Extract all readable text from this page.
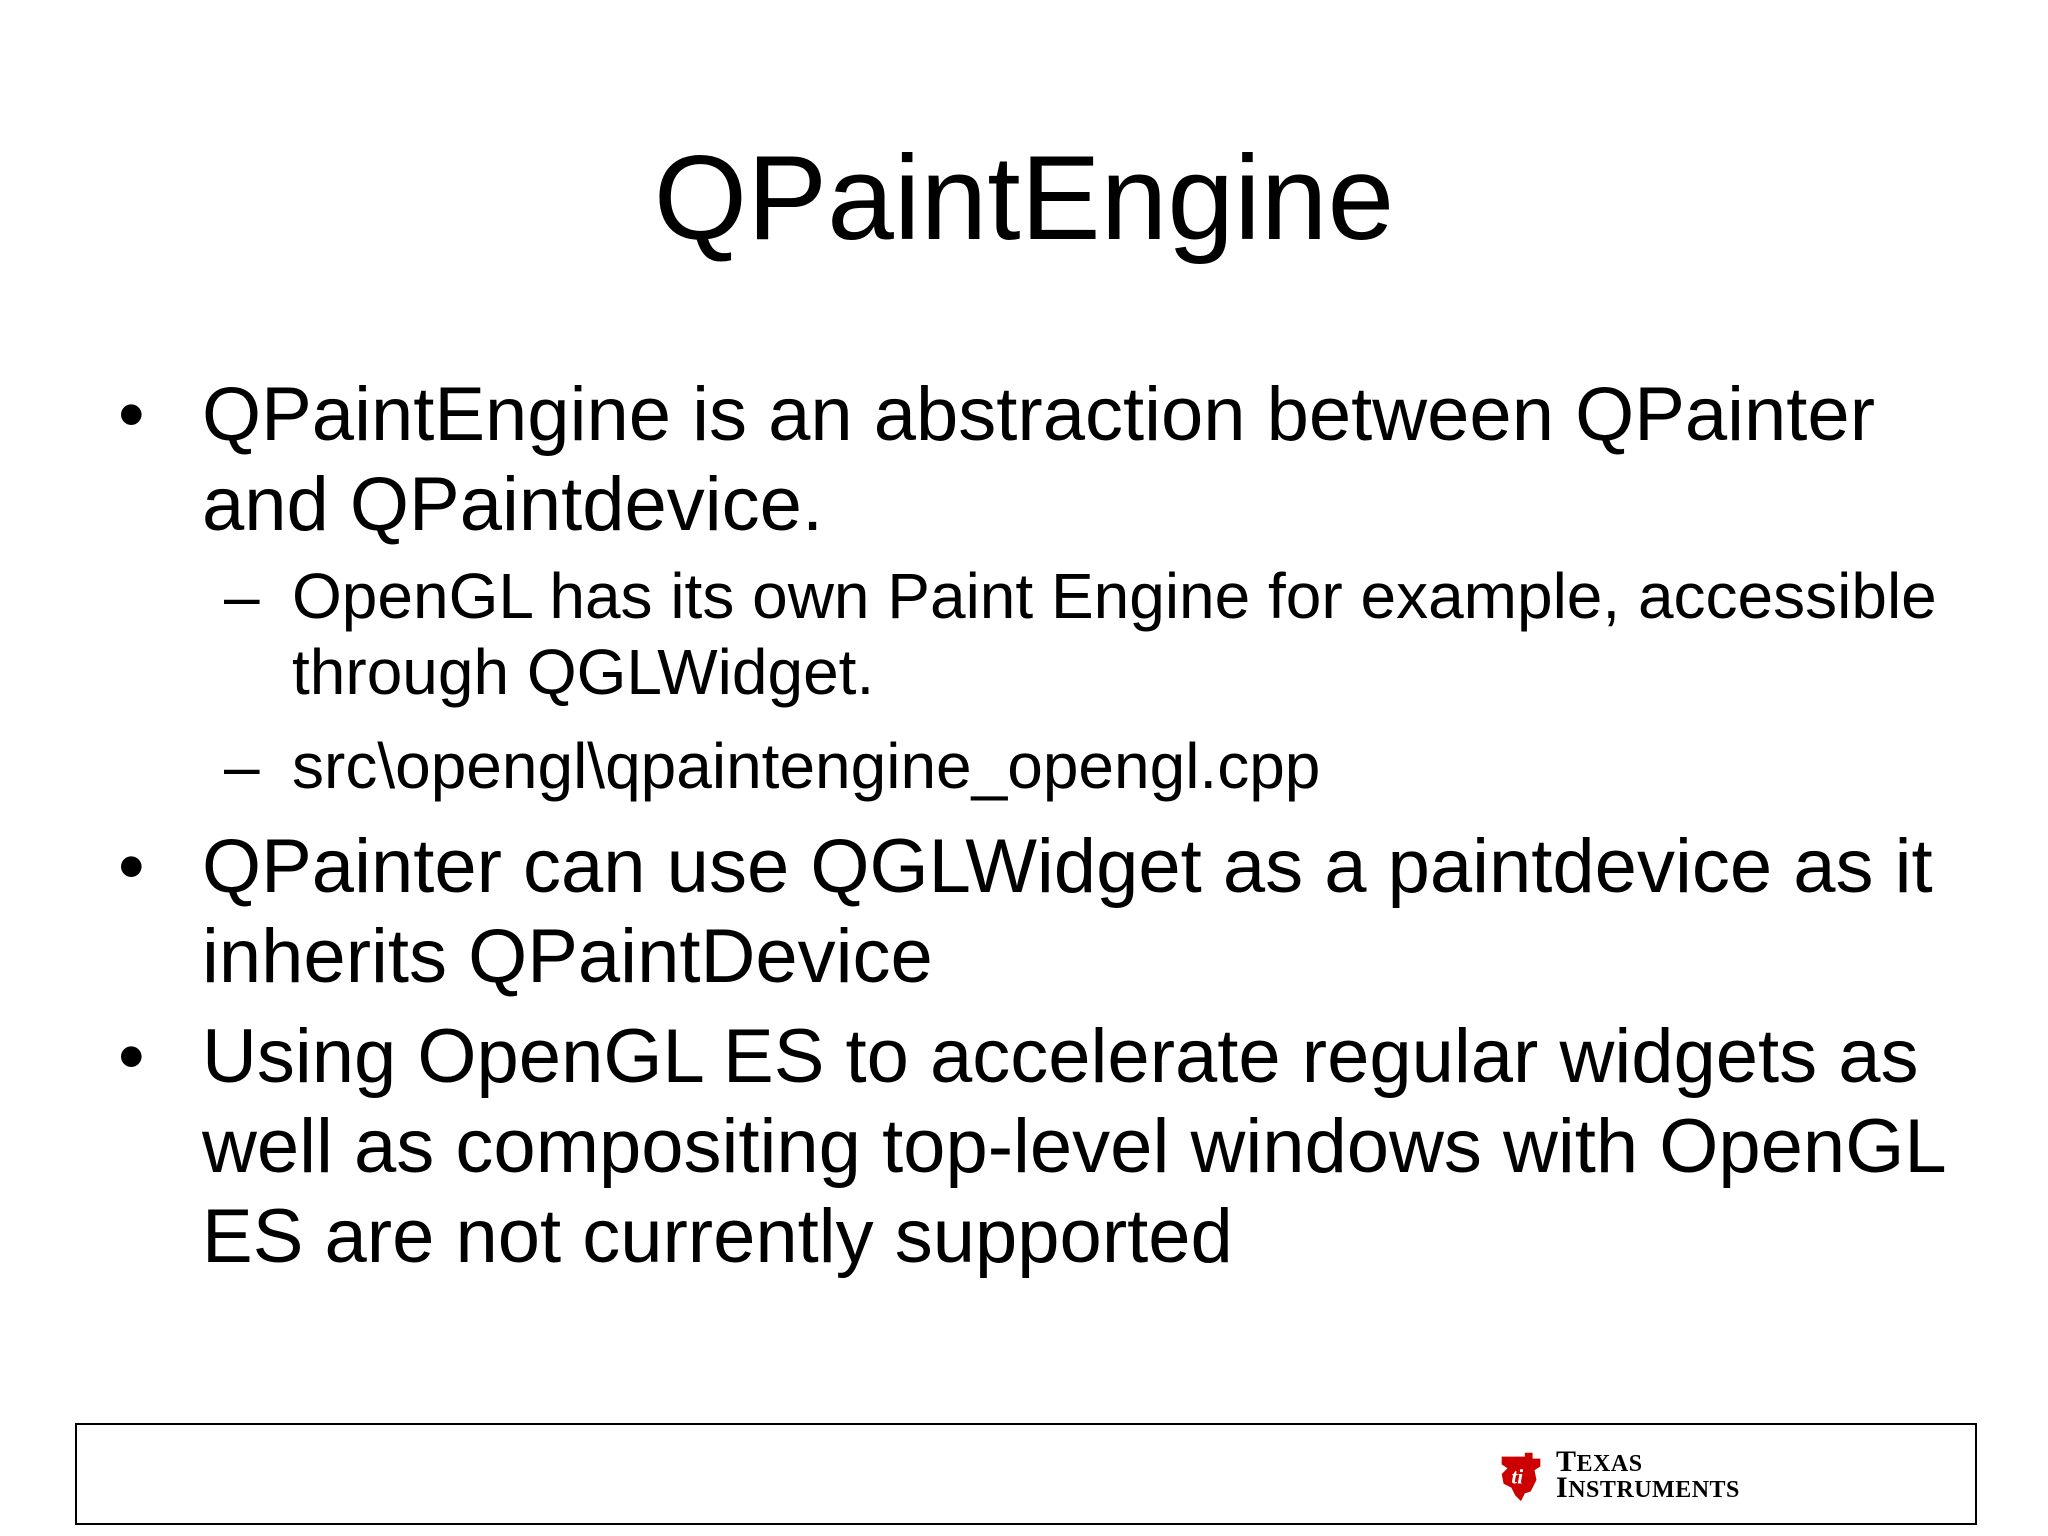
QPaintEngine
• QPaintEngine is an abstraction between QPainter and QPaintdevice.
– OpenGL has its own Paint Engine for example, accessible through QGLWidget.
– src\opengl\qpaintengine_opengl.cpp
• QPainter can use QGLWidget as a paintdevice as it inherits QPaintDevice
• Using OpenGL ES to accelerate regular widgets as well as compositing top-level windows with OpenGL ES are not currently supported
ti TEXAS
INSTRUMENTS
